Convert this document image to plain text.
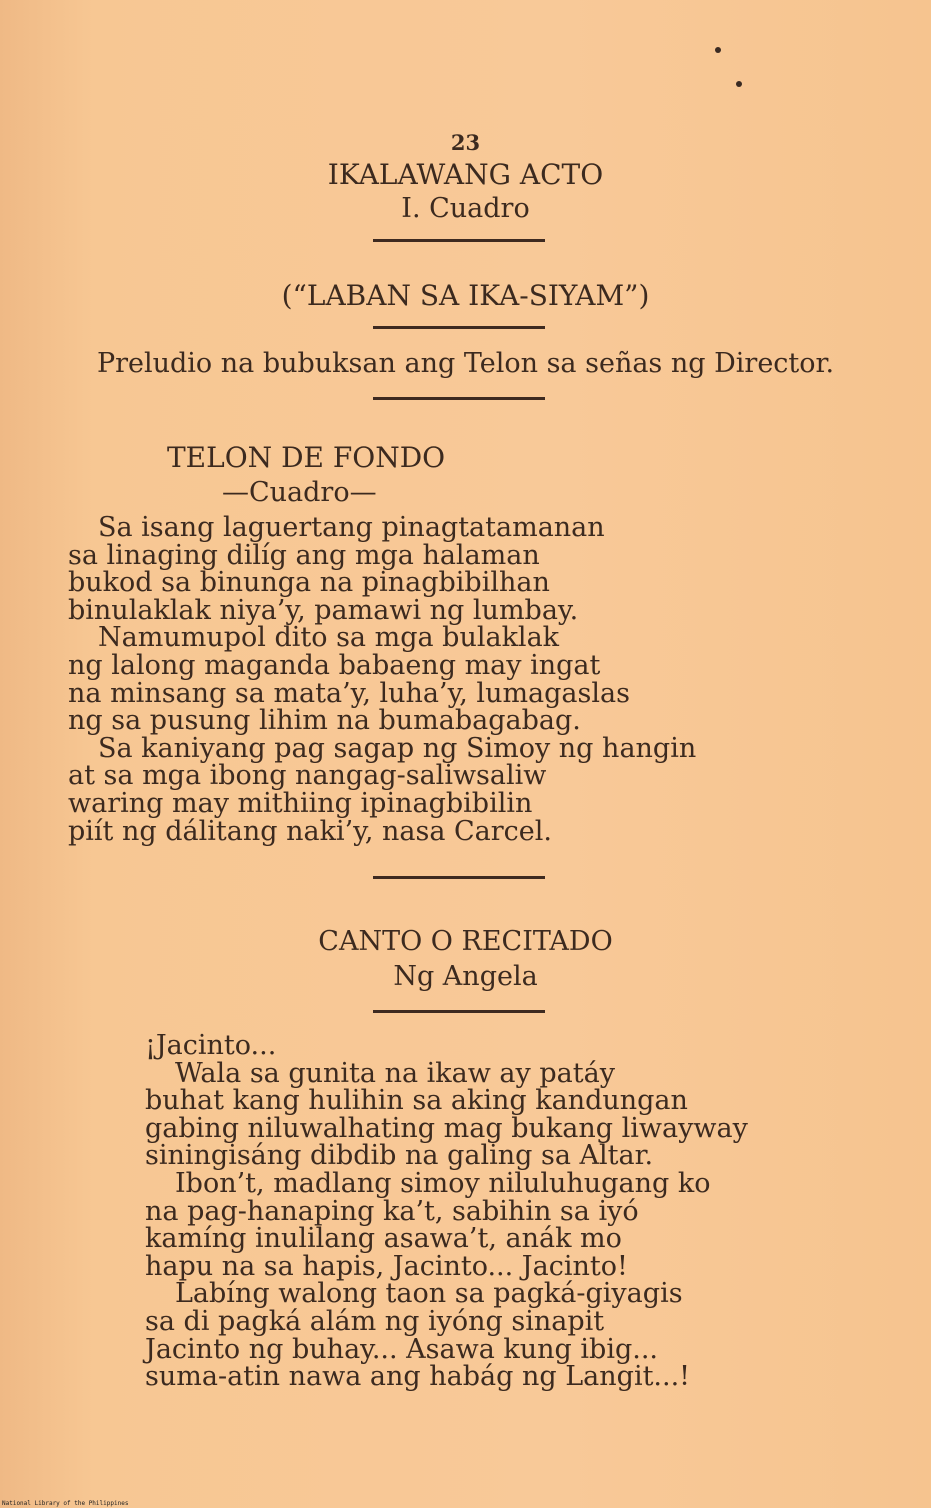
23
IKALAWANG ACTO
I. Cuadro
(“LABAN SA IKA-SIYAM”)
Preludio na bubuksan ang Telon sa señas ng Director.
TELON DE FONDO
—Cuadro—
Sa isang laguertang pinagtatamanan
sa linaging dilíg ang mga halaman
bukod sa binunga na pinagbibilhan
binulaklak niya’y, pamawi ng lumbay.
Namumupol dito sa mga bulaklak
ng lalong maganda babaeng may ingat
na minsang sa mata’y, luha’y, lumagaslas
ng sa pusung lihim na bumabagabag.
Sa kaniyang pag sagap ng Simoy ng hangin
at sa mga ibong nangag-saliwsaliw
waring may mithiing ipinagbibilin
piít ng dálitang naki’y, nasa Carcel.
CANTO O RECITADO
Ng Angela
¡Jacinto...
Wala sa gunita na ikaw ay patáy
buhat kang hulihin sa aking kandungan
gabing niluwalhating mag bukang liwayway
siningisáng dibdib na galing sa Altar.
Ibon’t, madlang simoy niluluhugang ko
na pag-hanaping ka’t, sabihin sa iyó
kamíng inulilang asawa’t, anák mo
hapu na sa hapis, Jacinto... Jacinto!
Labíng walong taon sa pagká-giyagis
sa di pagká alám ng iyóng sinapit
Jacinto ng buhay... Asawa kung ibig...
suma-atin nawa ang habág ng Langit...!
National Library of the Philippines
